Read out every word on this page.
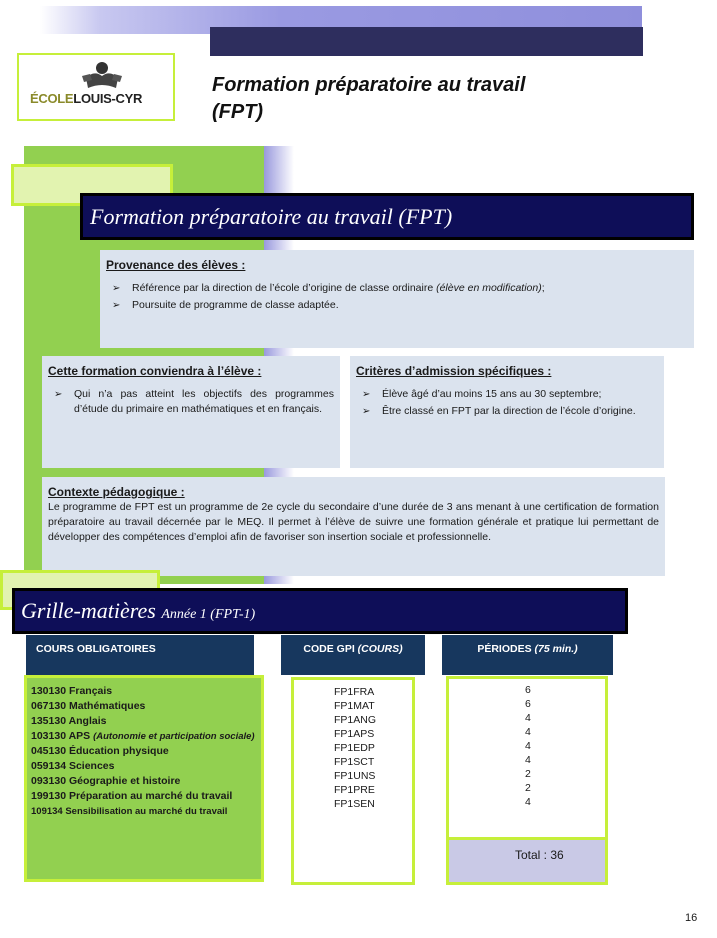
ÉCOLELOUIS-CYR
Formation préparatoire au travail
(FPT)
Formation préparatoire au travail (FPT)
Provenance des élèves :
➢ Référence par la direction de l’école d’origine de classe ordinaire (élève en modification);
➢ Poursuite de programme de classe adaptée.
Cette formation conviendra à l’élève :
➢ Qui n’a pas atteint les objectifs des programmes d’étude du primaire en mathématiques et en français.
Critères d’admission spécifiques :
➢ Élève âgé d’au moins 15 ans au 30 septembre;
➢ Être classé en FPT par la direction de l’école d’origine.
Contexte pédagogique :
Le programme de FPT est un programme de 2e cycle du secondaire d’une durée de 3 ans menant à une certification de formation préparatoire au travail décernée par le MEQ. Il permet à l’élève de suivre une formation générale et pratique lui permettant de développer des compétences d’emploi afin de favoriser son insertion sociale et professionnelle.
Grille-matières Année 1 (FPT-1)
COURS OBLIGATOIRES	CODE GPI (COURS)	PÉRIODES (75 min.)
130130 Français
067130 Mathématiques
135130 Anglais
103130 APS (Autonomie et participation sociale)
045130 Éducation physique
059134 Sciences
093130 Géographie et histoire
199130 Préparation au marché du travail
109134 Sensibilisation au marché du travail
FP1FRA
FP1MAT
FP1ANG
FP1APS
FP1EDP
FP1SCT
FP1UNS
FP1PRE
FP1SEN
6
6
4
4
4
4
2
2
4
Total : 36
16
